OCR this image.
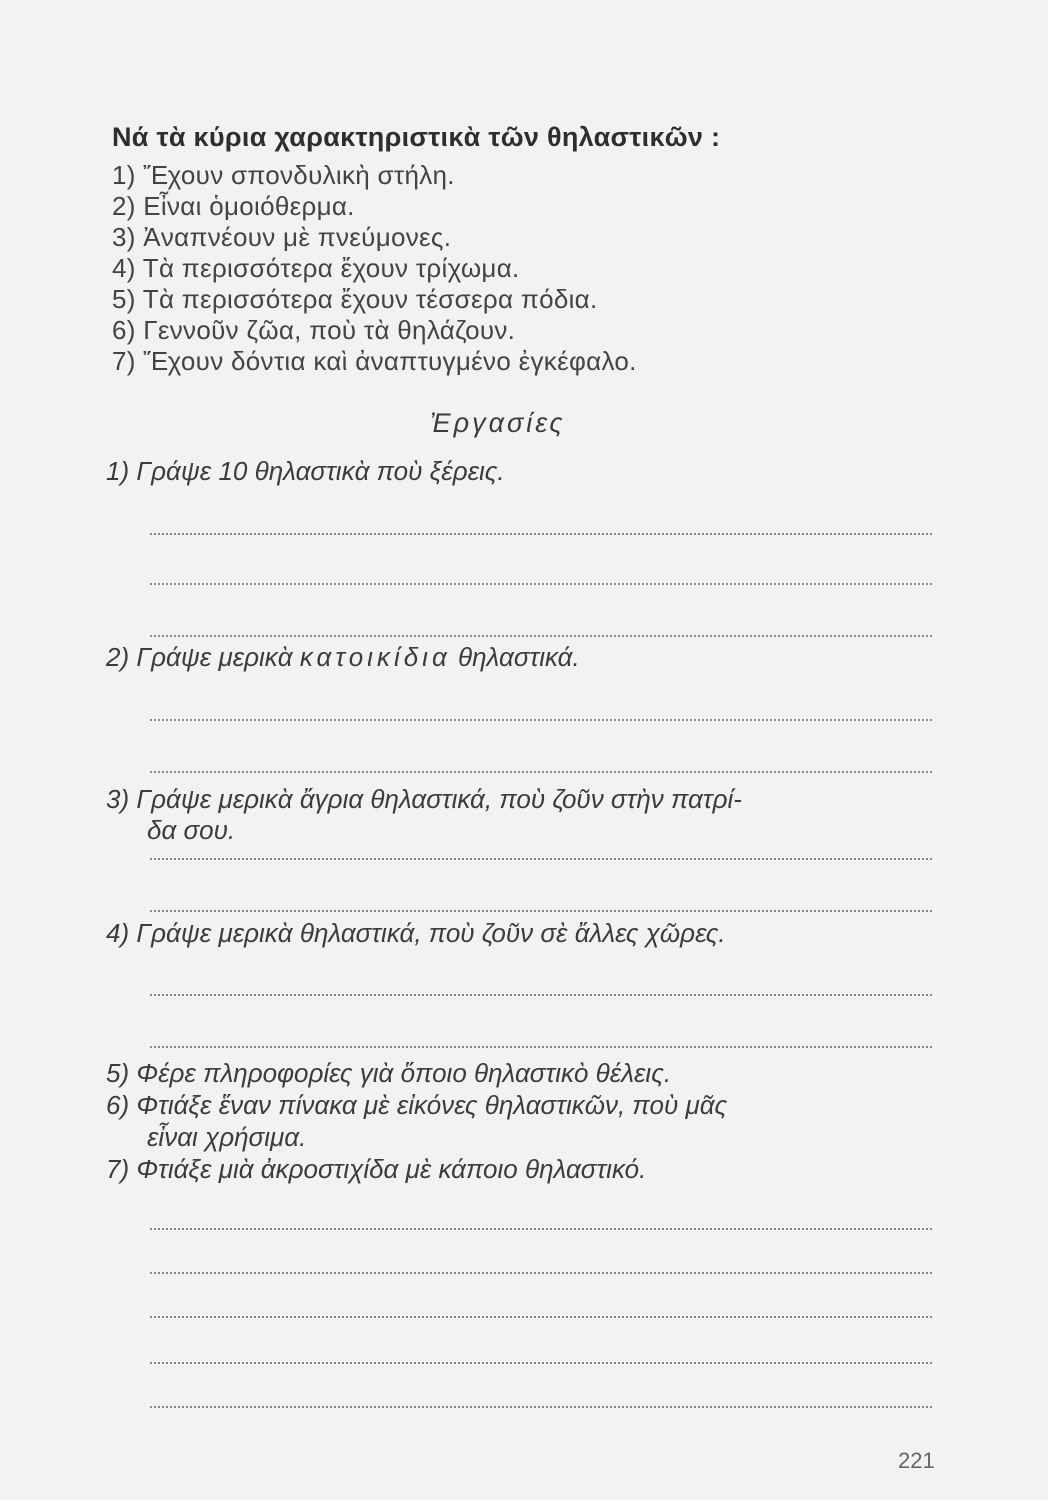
Νά τὰ κύρια χαρακτηριστικὰ τῶν θηλαστικῶν :
1) Ἔχουν σπονδυλικὴ στήλη.
2) Εἶναι ὁμοιόθερμα.
3) Ἀναπνέουν μὲ πνεύμονες.
4) Τὰ περισσότερα ἔχουν τρίχωμα.
5) Τὰ περισσότερα ἔχουν τέσσερα πόδια.
6) Γεννοῦν ζῶα, ποὺ τὰ θηλάζουν.
7) Ἔχουν δόντια καὶ ἀναπτυγμένο ἐγκέφαλο.
Ἐργασίες
1) Γράψε 10 θηλαστικὰ ποὺ ξέρεις.
2) Γράψε μερικὰ κατοικίδια θηλαστικά.
3) Γράψε μερικὰ ἄγρια θηλαστικά, ποὺ ζοῦν στὴν πατρί-
δα σου.
4) Γράψε μερικὰ θηλαστικά, ποὺ ζοῦν σὲ ἄλλες χῶρες.
5) Φέρε πληροφορίες γιὰ ὅποιο θηλαστικὸ θέλεις.
6) Φτιάξε ἕναν πίνακα μὲ εἰκόνες θηλαστικῶν, ποὺ μᾶς
εἶναι χρήσιμα.
7) Φτιάξε μιὰ ἀκροστιχίδα μὲ κάποιο θηλαστικό.
221
